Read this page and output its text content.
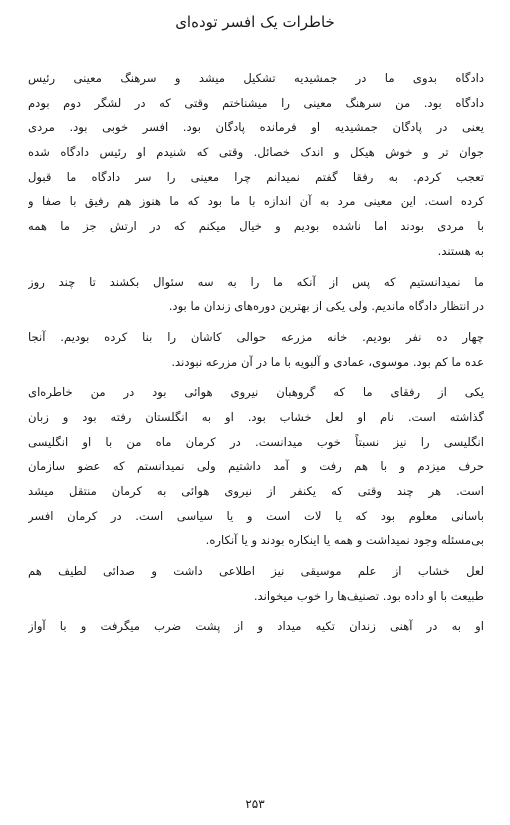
خاطرات یک افسر توده‌ای
دادگاه بدوی ما در جمشیدیه تشکیل میشد و سرهنگ معینی رئیس
دادگاه بود. من سرهنگ معینی را میشناختم وقتی که در لشگر دوم بودم
یعنی در پادگان جمشیدیه او فرمانده پادگان بود. افسر خوبی بود. مردی
جوان تر و خوش هیکل و اندک خصائل. وقتی که شنیدم او رئیس دادگاه شده
تعجب کردم. به رفقا گفتم نمیدانم چرا معینی را سر دادگاه ما قبول
کرده است. این معینی مرد به آن اندازه با ما بود که ما هنوز هم رفیق با صفا و
با مردی بودند اما ناشده بودیم و خیال میکنم که در ارتش جز ما همه
به هستند.
ما نمیدانستیم که پس از آنکه ما را به سه سئوال بکشند تا چند روز
در انتظار دادگاه ماندیم. ولی یکی از بهترین دوره‌های زندان ما بود.
چهار ده نفر بودیم. خانه مزرعه حوالی کاشان را بنا کرده بودیم. آنجا
عده ما کم بود. موسوی، عمادی و آلبویه با ما در آن مزرعه نبودند.
یکی از رفقای ما که گروهبان نیروی هوائی بود در من خاطره‌ای
گذاشته است. نام او لعل خشاب بود. او به انگلستان رفته بود و زبان
انگلیسی را نیز نسبتاً خوب میدانست. در کرمان ماه من با او انگلیسی
حرف میزدم و با هم رفت و آمد داشتیم ولی نمیدانستم که عضو سازمان
است. هر چند وقتی که یکنفر از نیروی هوائی به کرمان منتقل میشد
باسانی معلوم بود که یا لات است و یا سیاسی است. در کرمان افسر
بی‌مسئله وجود نمیداشت و همه یا اینکاره بودند و یا آنکاره.
لعل خشاب از علم موسیقی نیز اطلاعی داشت و صدائی لطیف هم
طبیعت با او داده بود. تصنیف‌ها را خوب میخواند.
او به در آهنی زندان تکیه میداد و از پشت ضرب میگرفت و با آواز
۲۵۳
